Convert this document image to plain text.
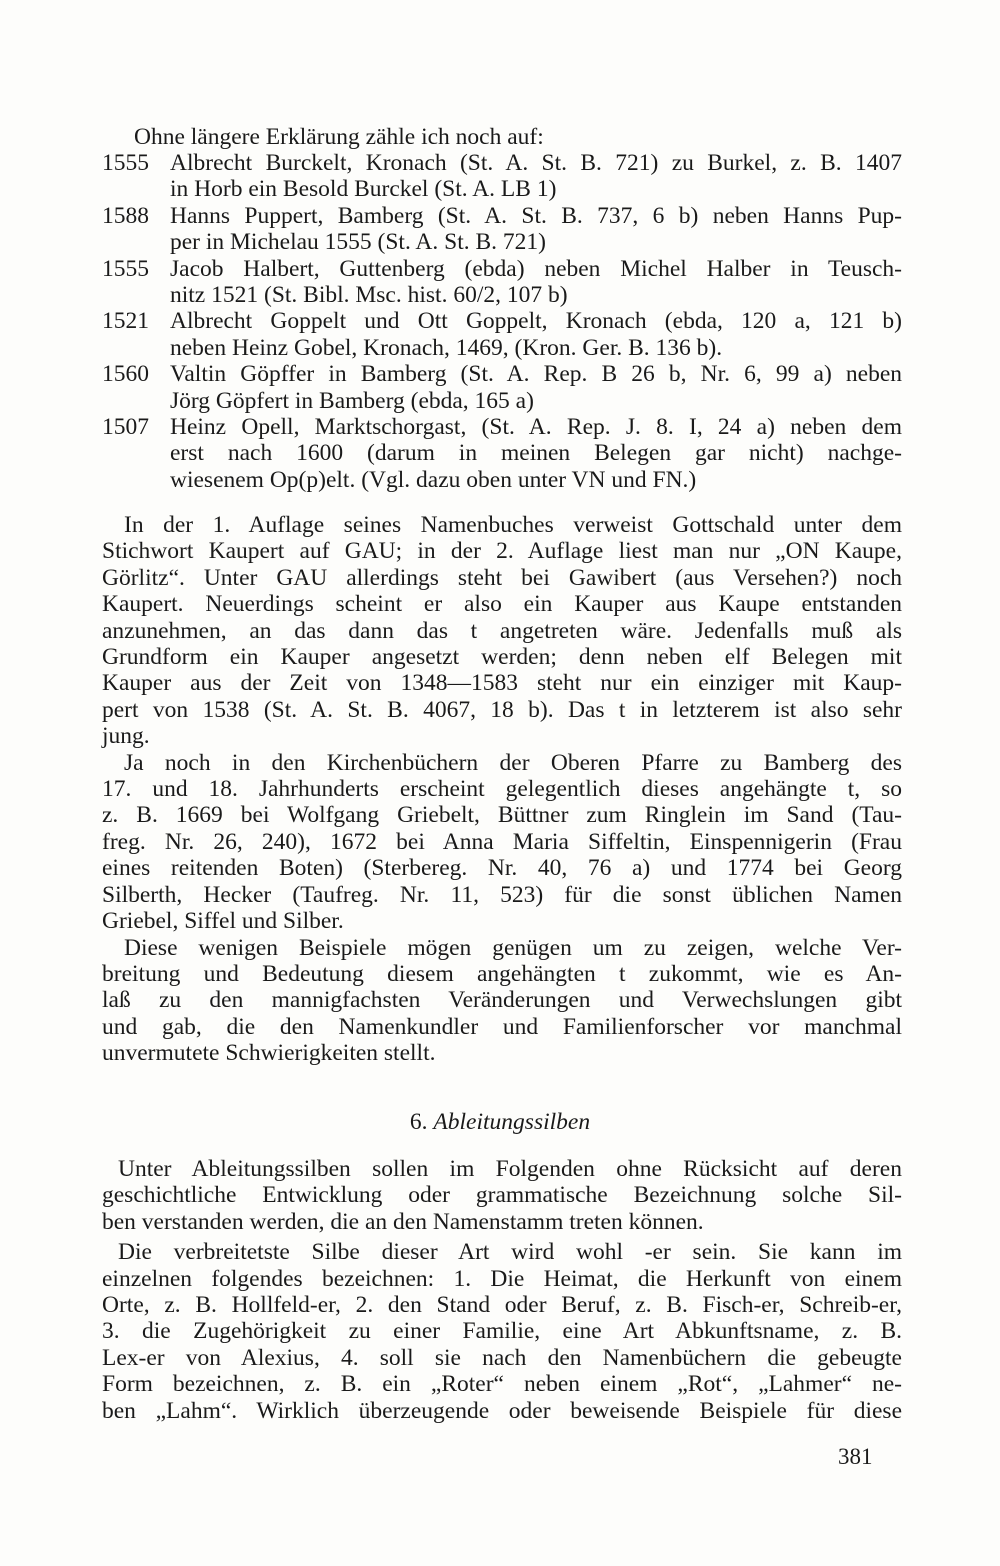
Ohne längere Erklärung zähle ich noch auf:
1555 Albrecht Burckelt, Kronach (St. A. St. B. 721) zu Burkel, z. B. 1407
in Horb ein Besold Burckel (St. A. LB 1)
1588 Hanns Puppert, Bamberg (St. A. St. B. 737, 6 b) neben Hanns Pup-
per in Michelau 1555 (St. A. St. B. 721)
1555 Jacob Halbert, Guttenberg (ebda) neben Michel Halber in Teusch-
nitz 1521 (St. Bibl. Msc. hist. 60/2, 107 b)
1521 Albrecht Goppelt und Ott Goppelt, Kronach (ebda, 120 a, 121 b)
neben Heinz Gobel, Kronach, 1469, (Kron. Ger. B. 136 b).
1560 Valtin Göpffer in Bamberg (St. A. Rep. B 26 b, Nr. 6, 99 a) neben
Jörg Göpfert in Bamberg (ebda, 165 a)
1507 Heinz Opell, Marktschorgast, (St. A. Rep. J. 8. I, 24 a) neben dem
erst nach 1600 (darum in meinen Belegen gar nicht) nachge-
wiesenem Op(p)elt. (Vgl. dazu oben unter VN und FN.)
In der 1. Auflage seines Namenbuches verweist Gottschald unter dem
Stichwort Kaupert auf GAU; in der 2. Auflage liest man nur „ON Kaupe,
Görlitz“. Unter GAU allerdings steht bei Gawibert (aus Versehen?) noch
Kaupert. Neuerdings scheint er also ein Kauper aus Kaupe entstanden
anzunehmen, an das dann das t angetreten wäre. Jedenfalls muß als
Grundform ein Kauper angesetzt werden; denn neben elf Belegen mit
Kauper aus der Zeit von 1348—1583 steht nur ein einziger mit Kaup-
pert von 1538 (St. A. St. B. 4067, 18 b). Das t in letzterem ist also sehr
jung.
Ja noch in den Kirchenbüchern der Oberen Pfarre zu Bamberg des
17. und 18. Jahrhunderts erscheint gelegentlich dieses angehängte t, so
z. B. 1669 bei Wolfgang Griebelt, Büttner zum Ringlein im Sand (Tau-
freg. Nr. 26, 240), 1672 bei Anna Maria Siffeltin, Einspennigerin (Frau
eines reitenden Boten) (Sterbereg. Nr. 40, 76 a) und 1774 bei Georg
Silberth, Hecker (Taufreg. Nr. 11, 523) für die sonst üblichen Namen
Griebel, Siffel und Silber.
Diese wenigen Beispiele mögen genügen um zu zeigen, welche Ver-
breitung und Bedeutung diesem angehängten t zukommt, wie es An-
laß zu den mannigfachsten Veränderungen und Verwechslungen gibt
und gab, die den Namenkundler und Familienforscher vor manchmal
unvermutete Schwierigkeiten stellt.
6. Ableitungssilben
Unter Ableitungssilben sollen im Folgenden ohne Rücksicht auf deren
geschichtliche Entwicklung oder grammatische Bezeichnung solche Sil-
ben verstanden werden, die an den Namenstamm treten können.
Die verbreitetste Silbe dieser Art wird wohl -er sein. Sie kann im
einzelnen folgendes bezeichnen: 1. Die Heimat, die Herkunft von einem
Orte, z. B. Hollfeld-er, 2. den Stand oder Beruf, z. B. Fisch-er, Schreib-er,
3. die Zugehörigkeit zu einer Familie, eine Art Abkunftsname, z. B.
Lex-er von Alexius, 4. soll sie nach den Namenbüchern die gebeugte
Form bezeichnen, z. B. ein „Roter“ neben einem „Rot“, „Lahmer“ ne-
ben „Lahm“. Wirklich überzeugende oder beweisende Beispiele für diese
381
